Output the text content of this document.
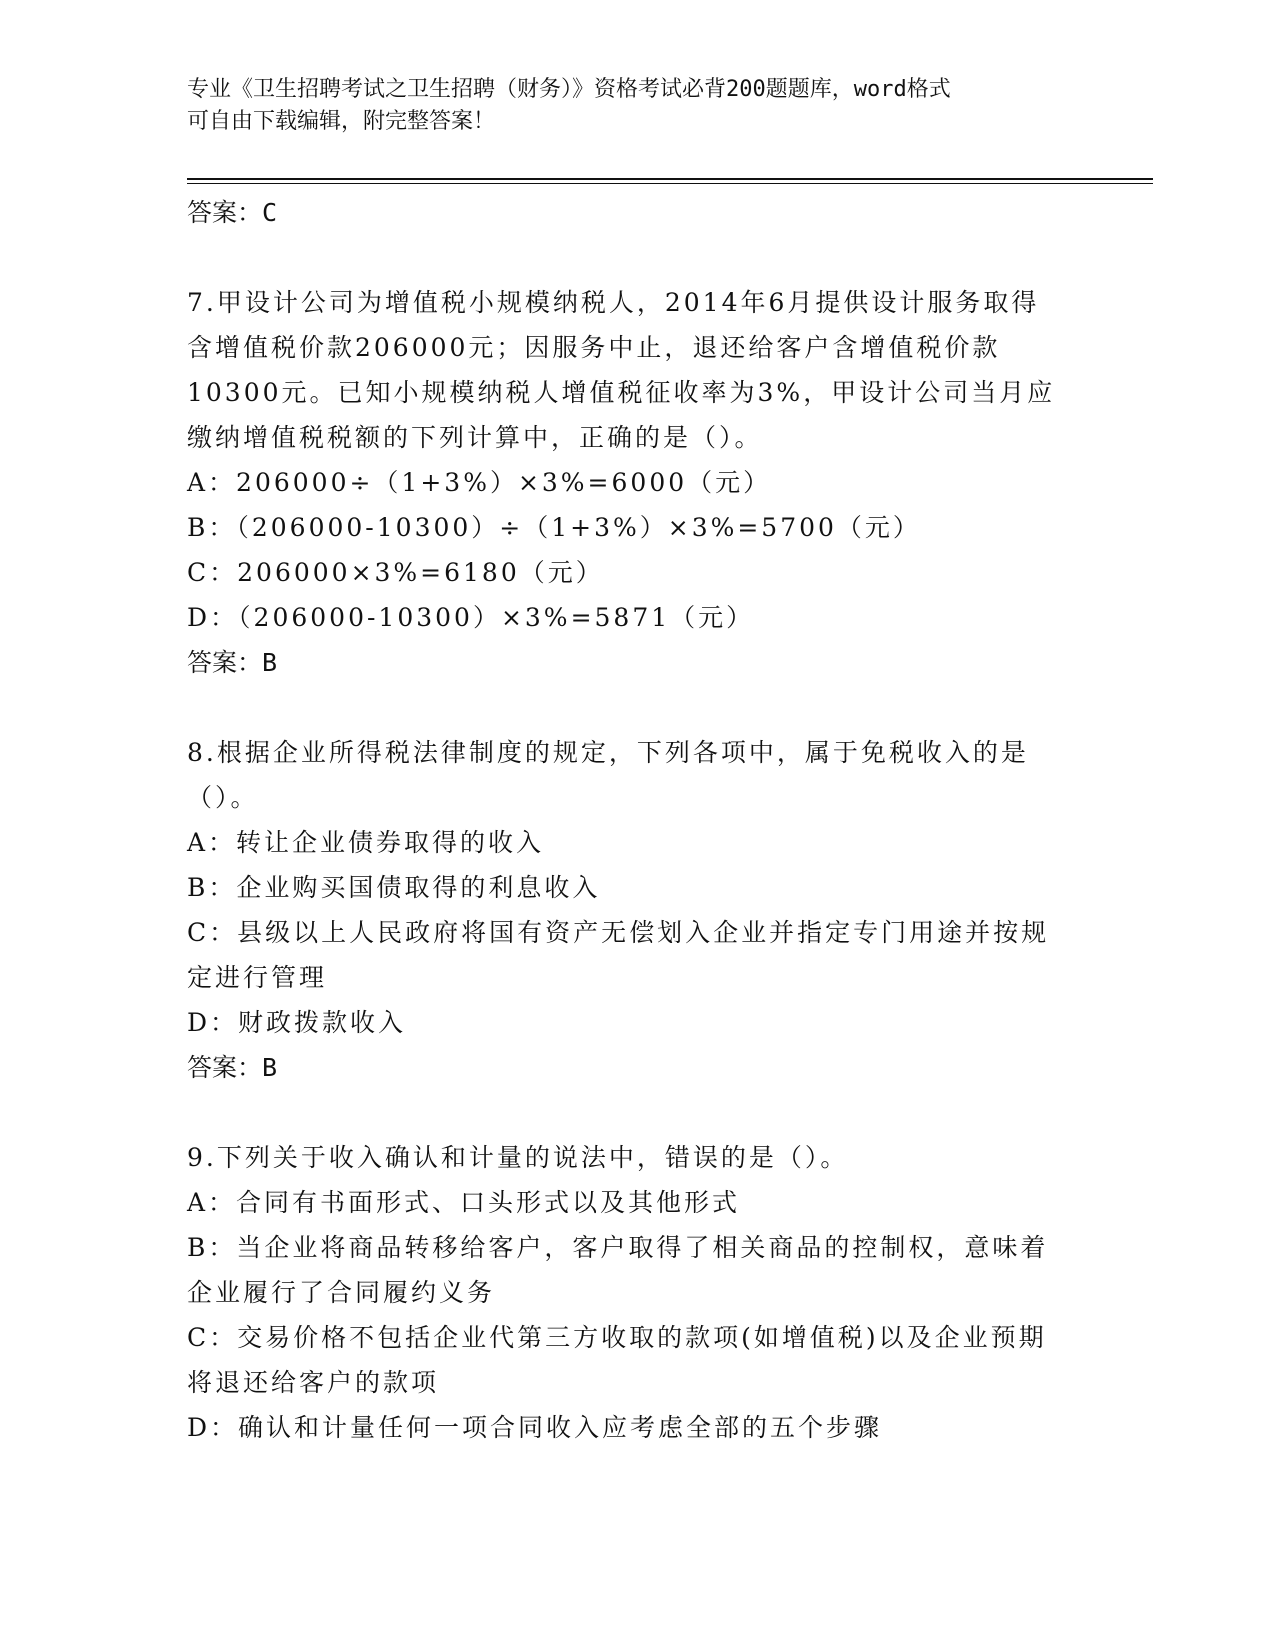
专业《卫生招聘考试之卫生招聘（财务）》资格考试必背200题题库，word格式
可自由下载编辑，附完整答案！
答案：C
7.甲设计公司为增值税小规模纳税人，2014年6月提供设计服务取得
含增值税价款206000元；因服务中止，退还给客户含增值税价款
10300元。已知小规模纳税人增值税征收率为3%，甲设计公司当月应
缴纳增值税税额的下列计算中，正确的是（）。
A：206000÷（1+3%）×3%=6000（元）
B：（206000-10300）÷（1+3%）×3%=5700（元）
C：206000×3%=6180（元）
D：（206000-10300）×3%=5871（元）
答案：B
8.根据企业所得税法律制度的规定，下列各项中，属于免税收入的是
（）。
A：转让企业债券取得的收入
B：企业购买国债取得的利息收入
C：县级以上人民政府将国有资产无偿划入企业并指定专门用途并按规
定进行管理
D：财政拨款收入
答案：B
9.下列关于收入确认和计量的说法中，错误的是（）。
A：合同有书面形式、口头形式以及其他形式
B：当企业将商品转移给客户，客户取得了相关商品的控制权，意味着
企业履行了合同履约义务
C：交易价格不包括企业代第三方收取的款项(如增值税)以及企业预期
将退还给客户的款项
D：确认和计量任何一项合同收入应考虑全部的五个步骤
